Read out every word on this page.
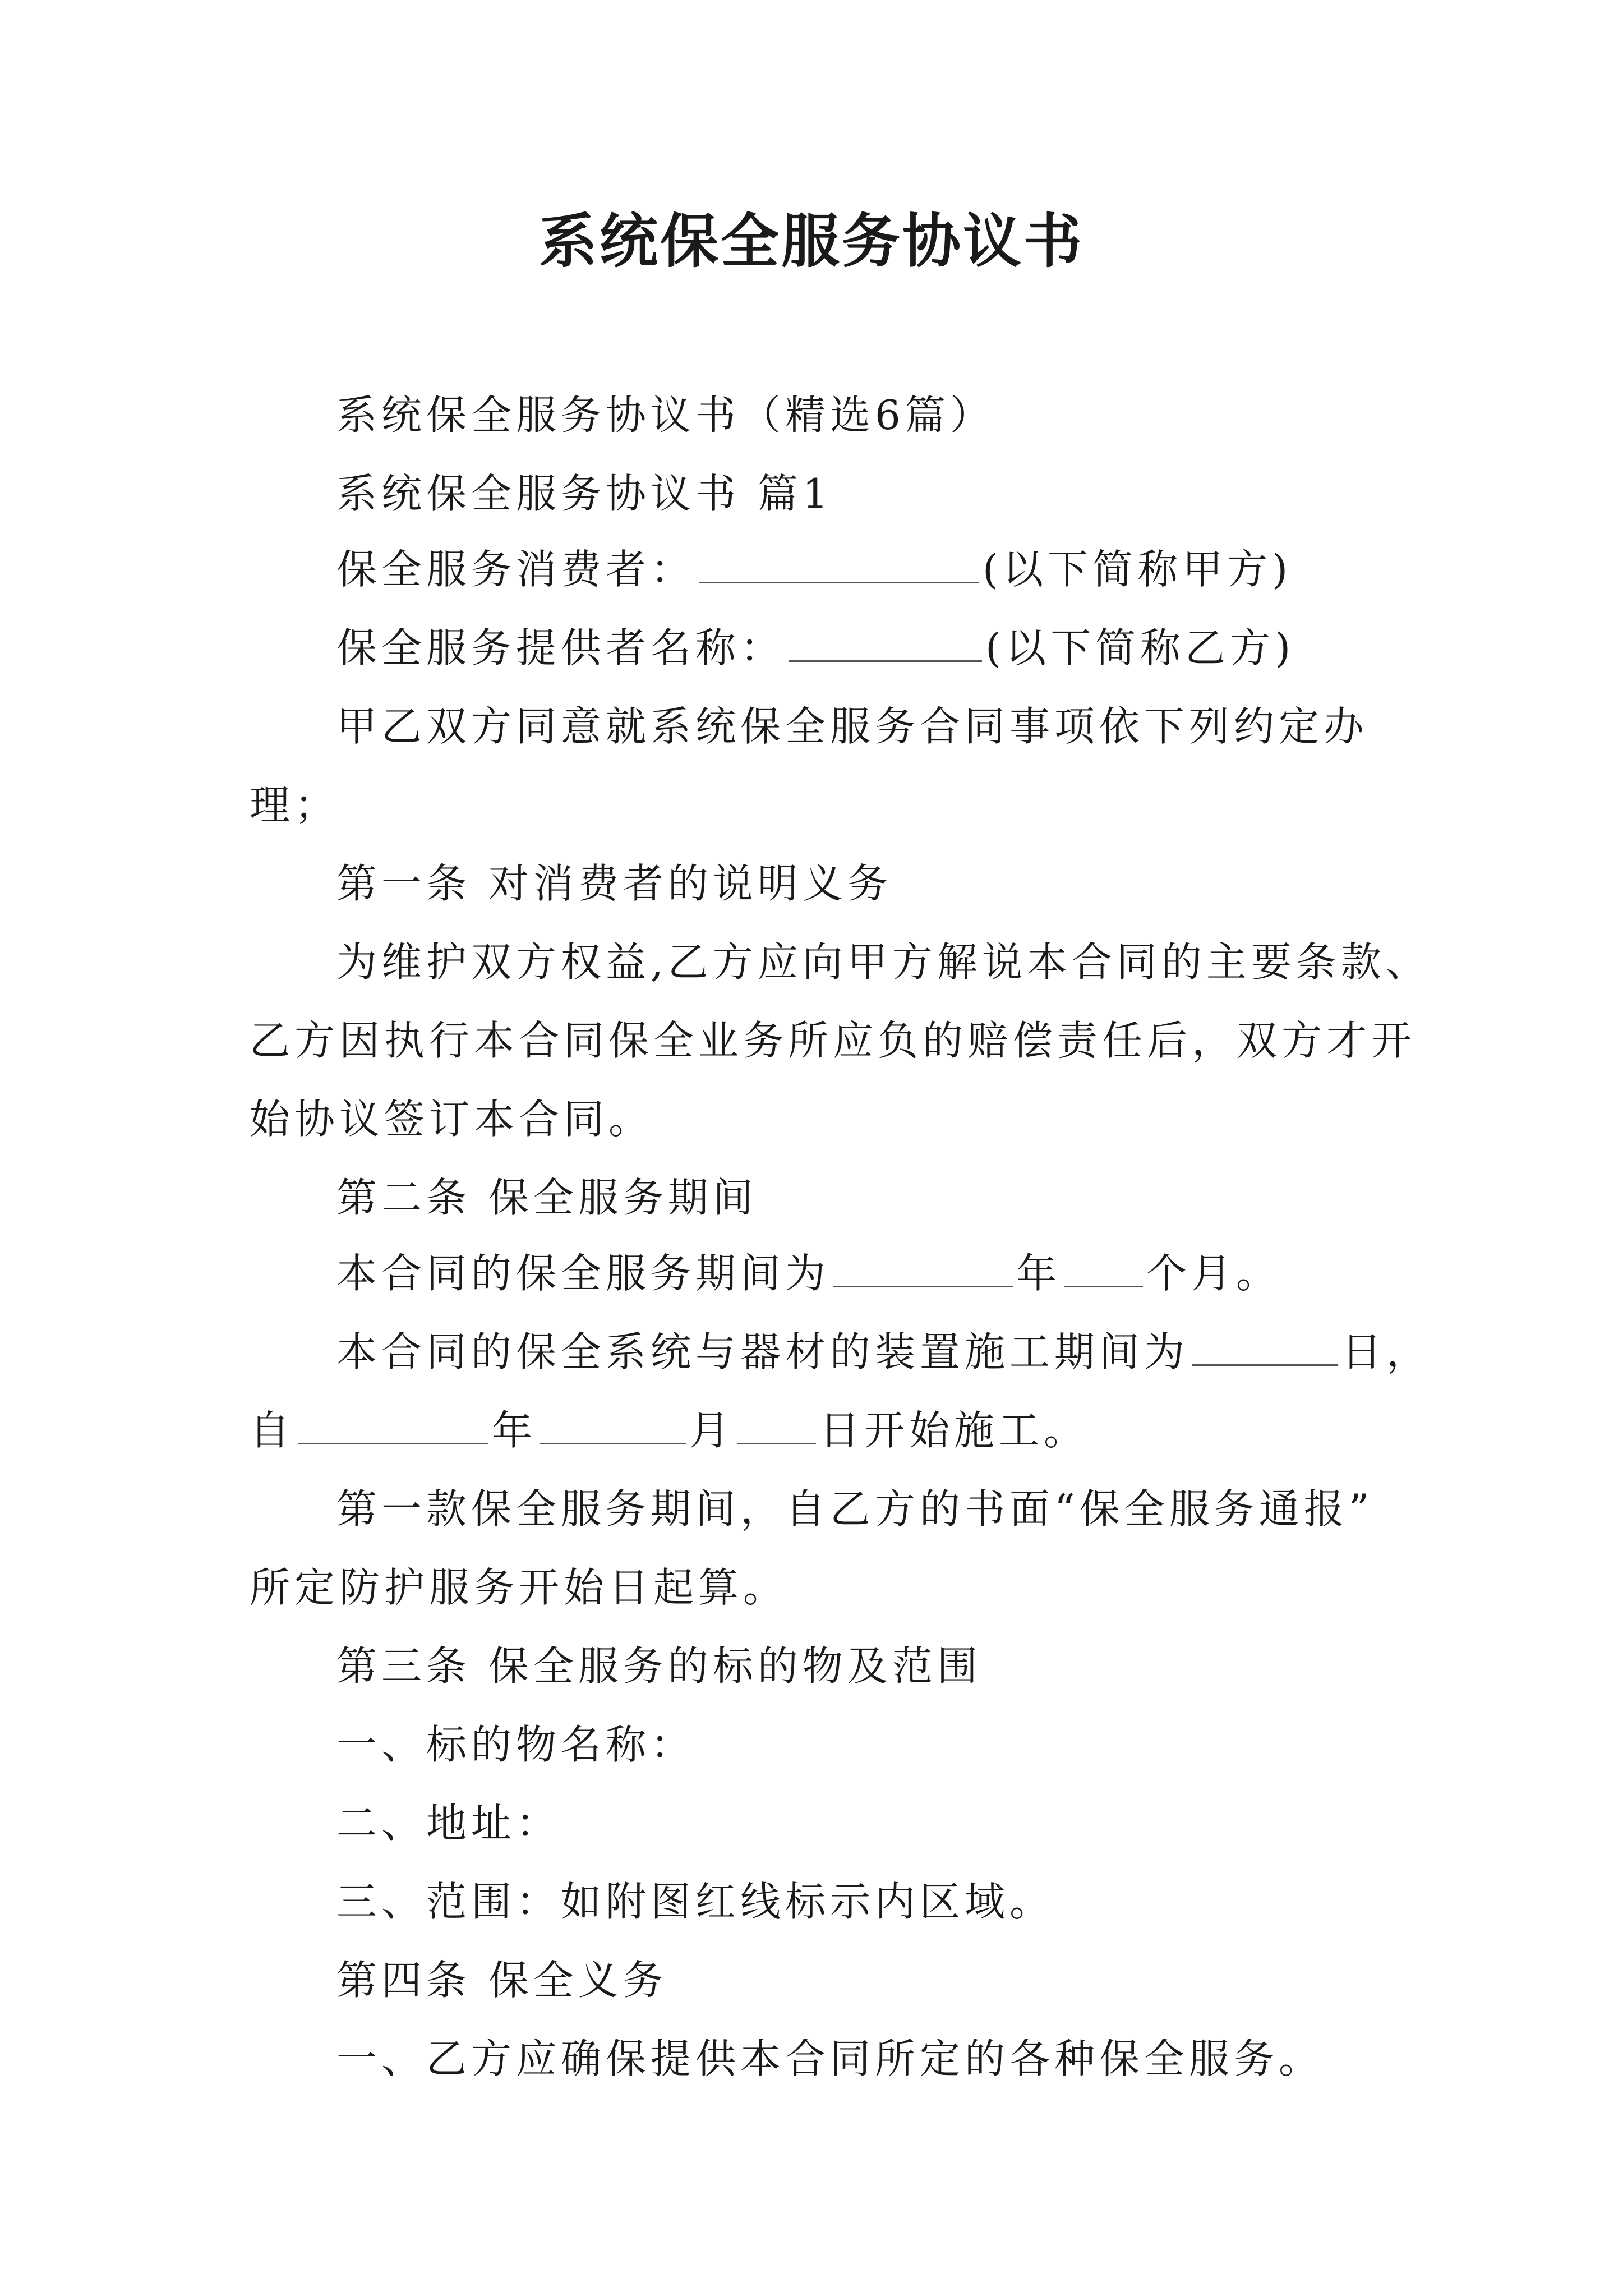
系统保全服务协议书
系统保全服务协议书（精选6篇）
系统保全服务协议书 篇1
保全服务消费者：	(以下简称甲方)
保全服务提供者名称：	(以下简称乙方)
甲乙双方同意就系统保全服务合同事项依下列约定办
理；
第一条 对消费者的说明义务
为维护双方权益,乙方应向甲方解说本合同的主要条款、
乙方因执行本合同保全业务所应负的赔偿责任后，双方才开
始协议签订本合同。
第二条 保全服务期间
本合同的保全服务期间为	年 个月。
本合同的保全系统与器材的装置施工期间为	日，
自	年	月 日开始施工。
第一款保全服务期间，自乙方的书面“保全服务通报”
所定防护服务开始日起算。
第三条 保全服务的标的物及范围
一、标的物名称：
二、地址：
三、范围：如附图红线标示内区域。
第四条 保全义务
一、乙方应确保提供本合同所定的各种保全服务。
